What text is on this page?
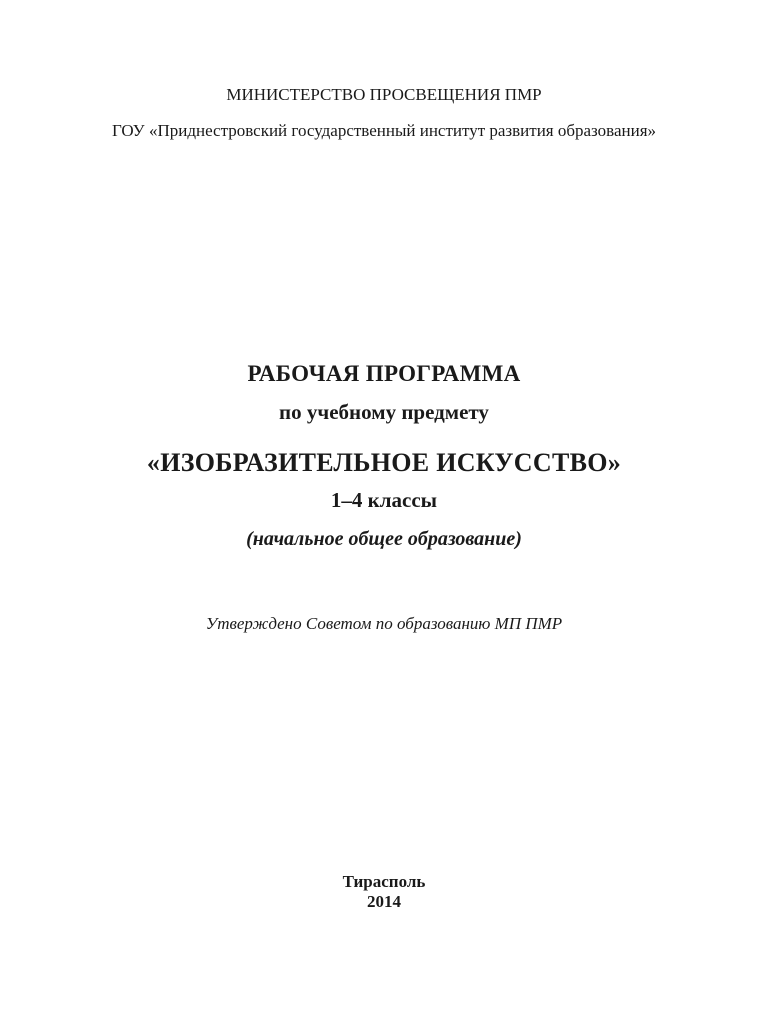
МИНИСТЕРСТВО ПРОСВЕЩЕНИЯ ПМР
ГОУ «Приднестровский государственный институт развития образования»
РАБОЧАЯ ПРОГРАММА
по учебному предмету
«ИЗОБРАЗИТЕЛЬНОЕ ИСКУССТВО»
1–4 классы
(начальное общее образование)
Утверждено Советом по образованию МП ПМР
Тирасполь
2014
